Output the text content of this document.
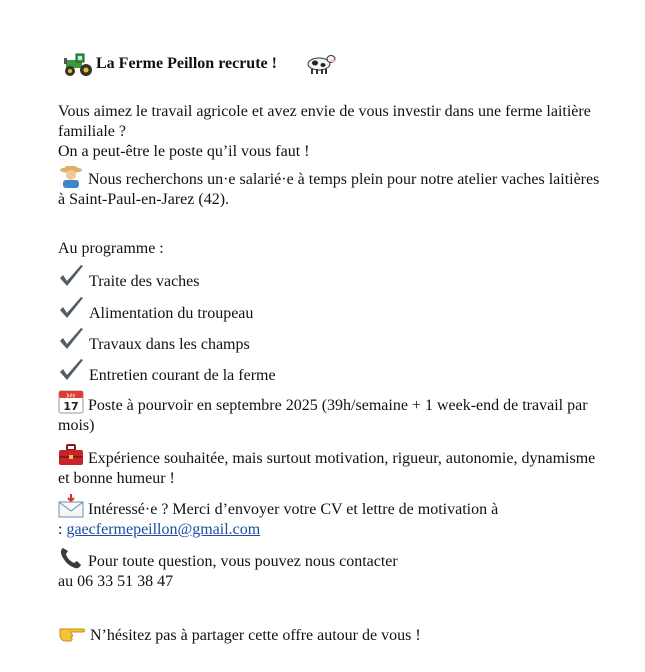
La Ferme Peillon recrute !
Vous aimez le travail agricole et avez envie de vous investir dans une ferme laitière familiale ?
On a peut-être le poste qu’il vous faut !
Nous recherchons un·e salarié·e à temps plein pour notre atelier vaches laitières à Saint-Paul-en-Jarez (42).
Au programme :
Traite des vaches
Alimentation du troupeau
Travaux dans les champs
Entretien courant de la ferme
July
17 Poste à pourvoir en septembre 2025 (39h/semaine + 1 week-end de travail par mois)
Expérience souhaitée, mais surtout motivation, rigueur, autonomie, dynamisme et bonne humeur !
Intéressé·e ? Merci d’envoyer votre CV et lettre de motivation à
: gaecfermepeillon@gmail.com
Pour toute question, vous pouvez nous contacter
au 06 33 51 38 47
N’hésitez pas à partager cette offre autour de vous !
